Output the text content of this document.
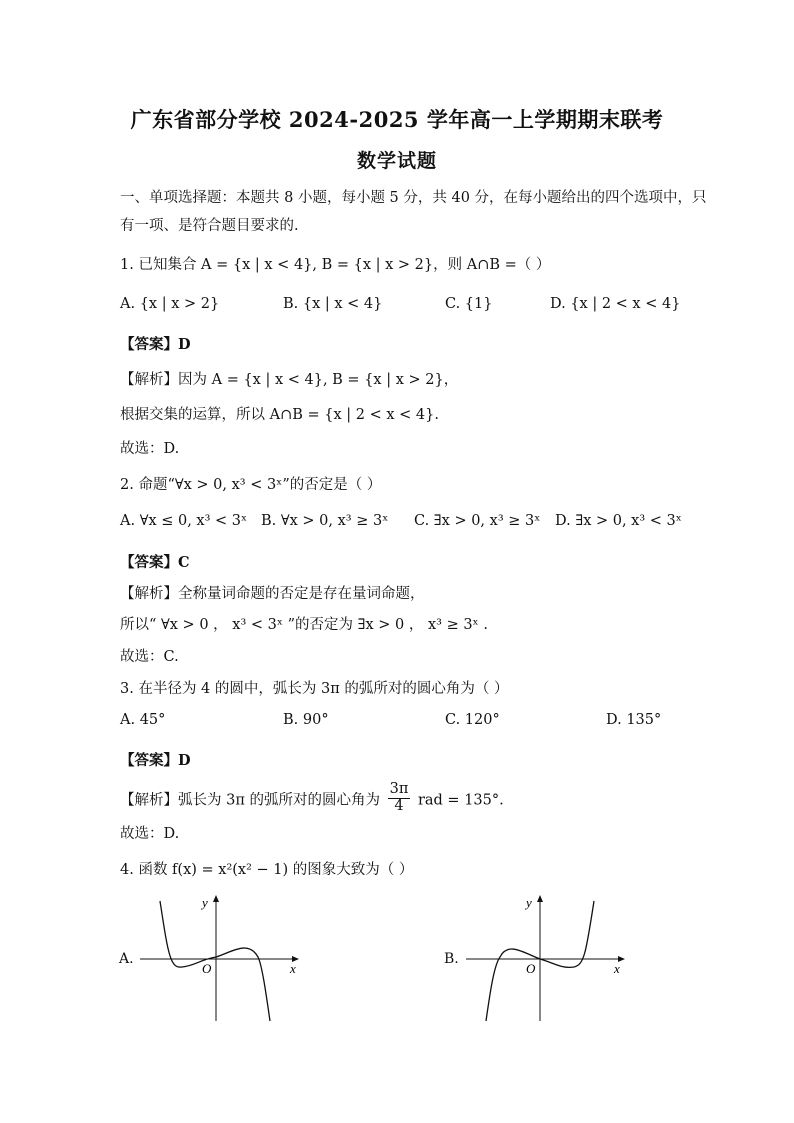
广东省部分学校 2024-2025 学年高一上学期期末联考
数学试题
一、单项选择题：本题共 8 小题，每小题 5 分，共 40 分，在每小题给出的四个选项中，只
有一项、是符合题目要求的.
1. 已知集合 A = {x | x < 4}, B = {x | x > 2}，则 A∩B =（ ）
A. {x | x > 2}	B. {x | x < 4}	C. {1}	D. {x | 2 < x < 4}
【答案】D
【解析】因为 A = {x | x < 4}, B = {x | x > 2}，
根据交集的运算，所以 A∩B = {x | 2 < x < 4}.
故选：D.
2. 命题“∀x > 0, x³ < 3ˣ”的否定是（ ）
A. ∀x ≤ 0, x³ < 3ˣ B. ∀x > 0, x³ ≥ 3ˣ C. ∃x > 0, x³ ≥ 3ˣ D. ∃x > 0, x³ < 3ˣ
【答案】C
【解析】全称量词命题的否定是存在量词命题，
所以“ ∀x > 0 ， x³ < 3ˣ ”的否定为 ∃x > 0 ， x³ ≥ 3ˣ .
故选：C.
3. 在半径为 4 的圆中，弧长为 3π 的弧所对的圆心角为（ ）
A. 45°	B. 90°	C. 120°	D. 135°
【答案】D
【解析】弧长为 3π 的弧所对的圆心角为 $\frac{3\pi}{4}$ rad = 135°.
故选：D.
4. 函数 f(x) = x²(x² − 1) 的图象大致为（ ）
A.
O	x
y
B.
O	x
y
